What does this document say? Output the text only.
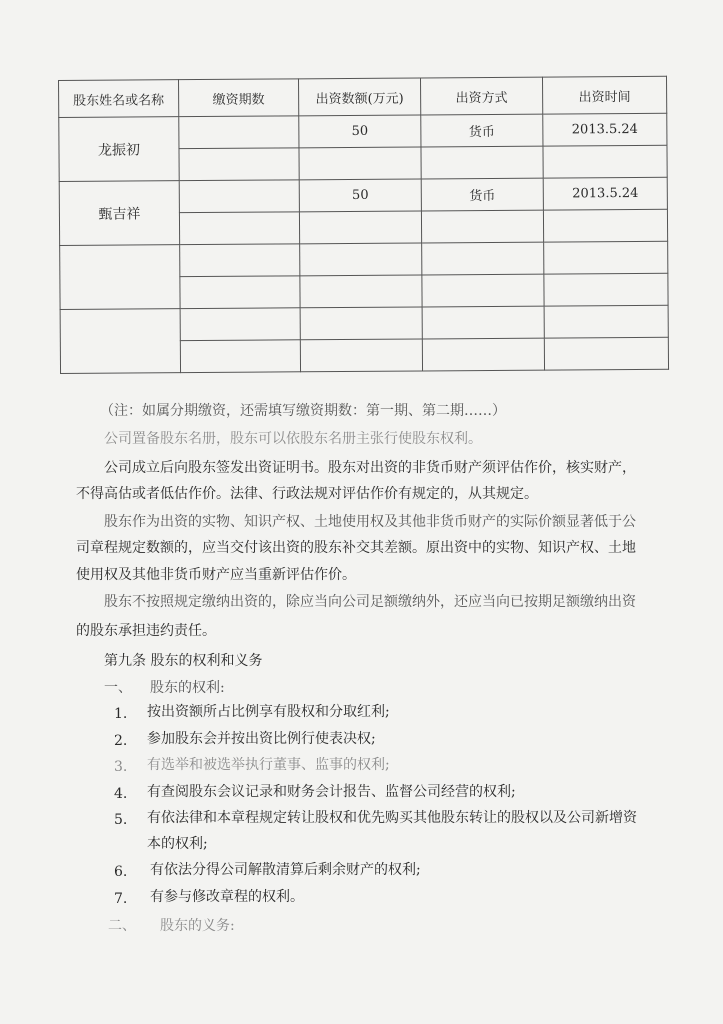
股东姓名或名称	缴资期数	出资数额(万元)	出资方式	出资时间
龙振初		50	货币	2013.5.24

甄吉祥		50	货币	2013.5.24

（注：如属分期缴资，还需填写缴资期数：第一期、第二期……）
公司置备股东名册，股东可以依股东名册主张行使股东权利。
公司成立后向股东签发出资证明书。股东对出资的非货币财产须评估作价，核实财产，
不得高估或者低估作价。法律、行政法规对评估作价有规定的，从其规定。
股东作为出资的实物、知识产权、土地使用权及其他非货币财产的实际价额显著低于公
司章程规定数额的，应当交付该出资的股东补交其差额。原出资中的实物、知识产权、土地
使用权及其他非货币财产应当重新评估作价。
股东不按照规定缴纳出资的，除应当向公司足额缴纳外，还应当向已按期足额缴纳出资
的股东承担违约责任。
第九条 股东的权利和义务
一、 股东的权利:
1. 按出资额所占比例享有股权和分取红利;
2. 参加股东会并按出资比例行使表决权;
3. 有选举和被选举执行董事、监事的权利;
4. 有查阅股东会议记录和财务会计报告、监督公司经营的权利;
5. 有依法律和本章程规定转让股权和优先购买其他股东转让的股权以及公司新增资
本的权利;
6. 有依法分得公司解散清算后剩余财产的权利;
7. 有参与修改章程的权利。
二、 股东的义务:
